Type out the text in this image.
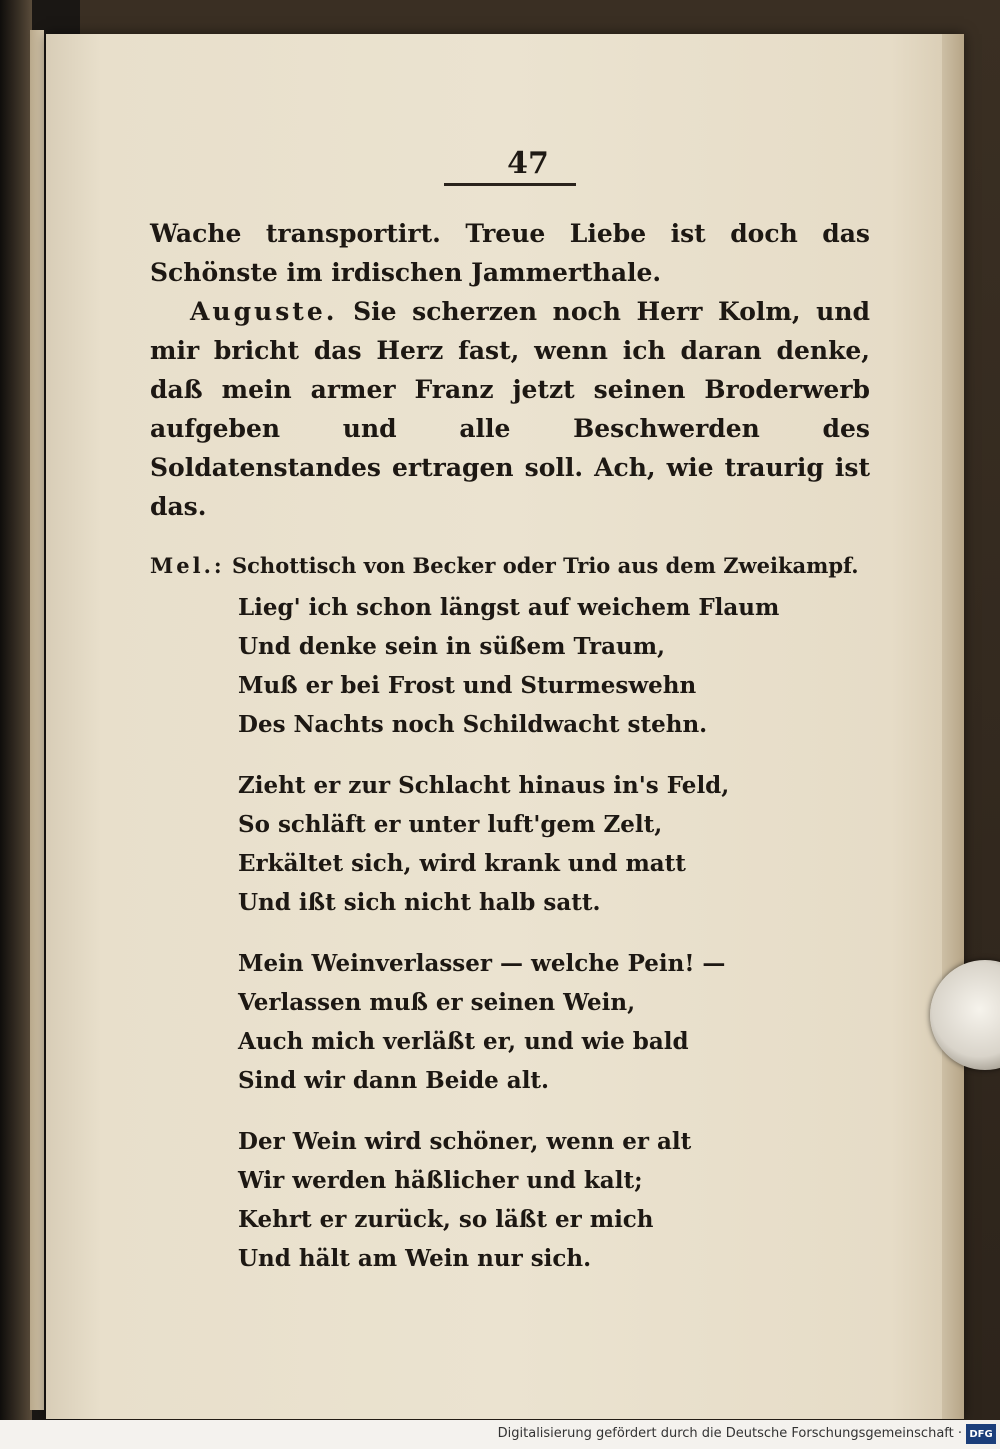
47

Wache transportirt. Treue Liebe ist doch das Schönste im irdischen Jammerthale.

Auguste. Sie scherzen noch Herr Kolm, und mir bricht das Herz fast, wenn ich daran denke, daß mein armer Franz jetzt seinen Broderwerb aufgeben und alle Beschwerden des Soldatenstandes ertragen soll. Ach, wie traurig ist das.

Mel.: Schottisch von Becker oder Trio aus dem Zweikampf.
Lieg' ich schon längst auf weichem Flaum
Und denke sein in süßem Traum,
Muß er bei Frost und Sturmeswehn
Des Nachts noch Schildwacht stehn.
Zieht er zur Schlacht hinaus in's Feld,
So schläft er unter luft'gem Zelt,
Erkältet sich, wird krank und matt
Und ißt sich nicht halb satt.
Mein Weinverlasser — welche Pein! —
Verlassen muß er seinen Wein,
Auch mich verläßt er, und wie bald
Sind wir dann Beide alt.
Der Wein wird schöner, wenn er alt
Wir werden häßlicher und kalt;
Kehrt er zurück, so läßt er mich
Und hält am Wein nur sich.
Digitalisierung gefördert durch die Deutsche Forschungsgemeinschaft · DFG
